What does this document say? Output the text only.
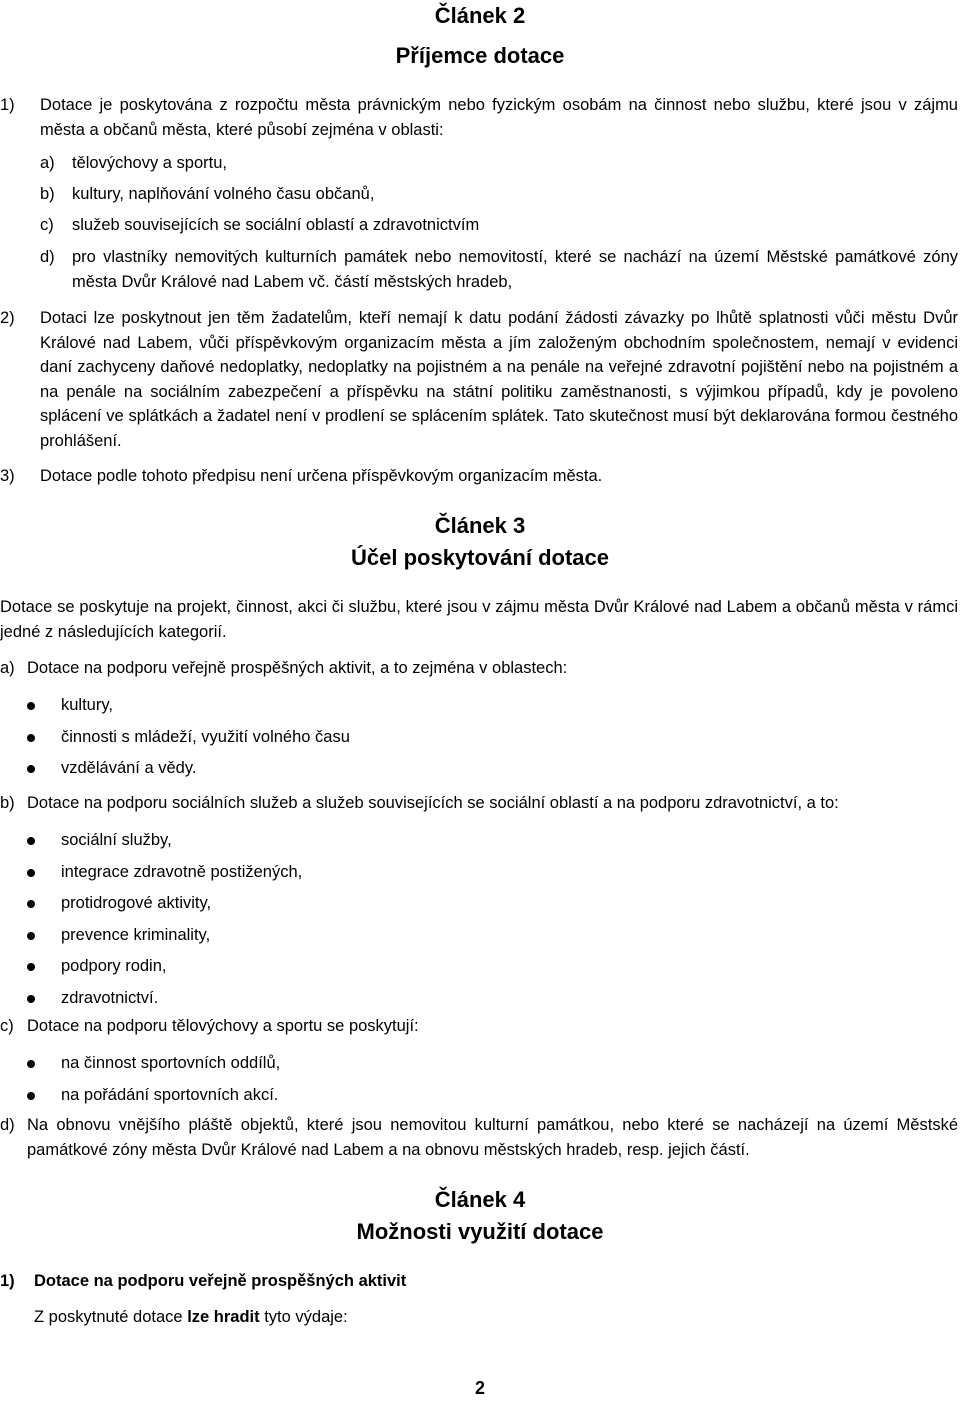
Článek 2

Příjemce dotace

1)	Dotace je poskytována z rozpočtu města právnickým nebo fyzickým osobám na činnost nebo službu, které jsou v zájmu města a občanů města, které působí zejména v oblasti:
a)	tělovýchovy a sportu,
b)	kultury, naplňování volného času občanů,
c)	služeb souvisejících se sociální oblastí a zdravotnictvím
d)	pro vlastníky nemovitých kulturních památek nebo nemovitostí, které se nachází na území Městské památkové zóny města Dvůr Králové nad Labem vč. částí městských hradeb,
2)	Dotaci lze poskytnout jen těm žadatelům, kteří nemají k datu podání žádosti závazky po lhůtě splatnosti vůči městu Dvůr Králové nad Labem, vůči příspěvkovým organizacím města a jím založeným obchodním společnostem, nemají v evidenci daní zachyceny daňové nedoplatky, nedoplatky na pojistném a na penále na veřejné zdravotní pojištění nebo na pojistném a na penále na sociálním zabezpečení a příspěvku na státní politiku zaměstnanosti, s výjimkou případů, kdy je povoleno splácení ve splátkách a žadatel není v prodlení se splácením splátek. Tato skutečnost musí být deklarována formou čestného prohlášení.
3)	Dotace podle tohoto předpisu není určena příspěvkovým organizacím města.

Článek 3

Účel poskytování dotace

Dotace se poskytuje na projekt, činnost, akci či službu, které jsou v zájmu města Dvůr Králové nad Labem a občanů města v rámci jedné z následujících kategorií.

a) Dotace na podporu veřejně prospěšných aktivit, a to zejména v oblastech:
kultury,
činnosti s mládeží, využití volného času
vzdělávání a vědy.
b) Dotace na podporu sociálních služeb a služeb souvisejících se sociální oblastí a na podporu zdravotnictví, a to:
sociální služby,
integrace zdravotně postižených,
protidrogové aktivity,
prevence kriminality,
podpory rodin,
zdravotnictví.
c) Dotace na podporu tělovýchovy a sportu se poskytují:
na činnost sportovních oddílů,
na pořádání sportovních akcí.
d) Na obnovu vnějšího pláště objektů, které jsou nemovitou kulturní památkou, nebo které se nacházejí na území Městské památkové zóny města Dvůr Králové nad Labem a na obnovu městských hradeb, resp. jejich částí.

Článek 4

Možnosti využití dotace

1)	Dotace na podporu veřejně prospěšných aktivit
Z poskytnuté dotace lze hradit tyto výdaje:
2
